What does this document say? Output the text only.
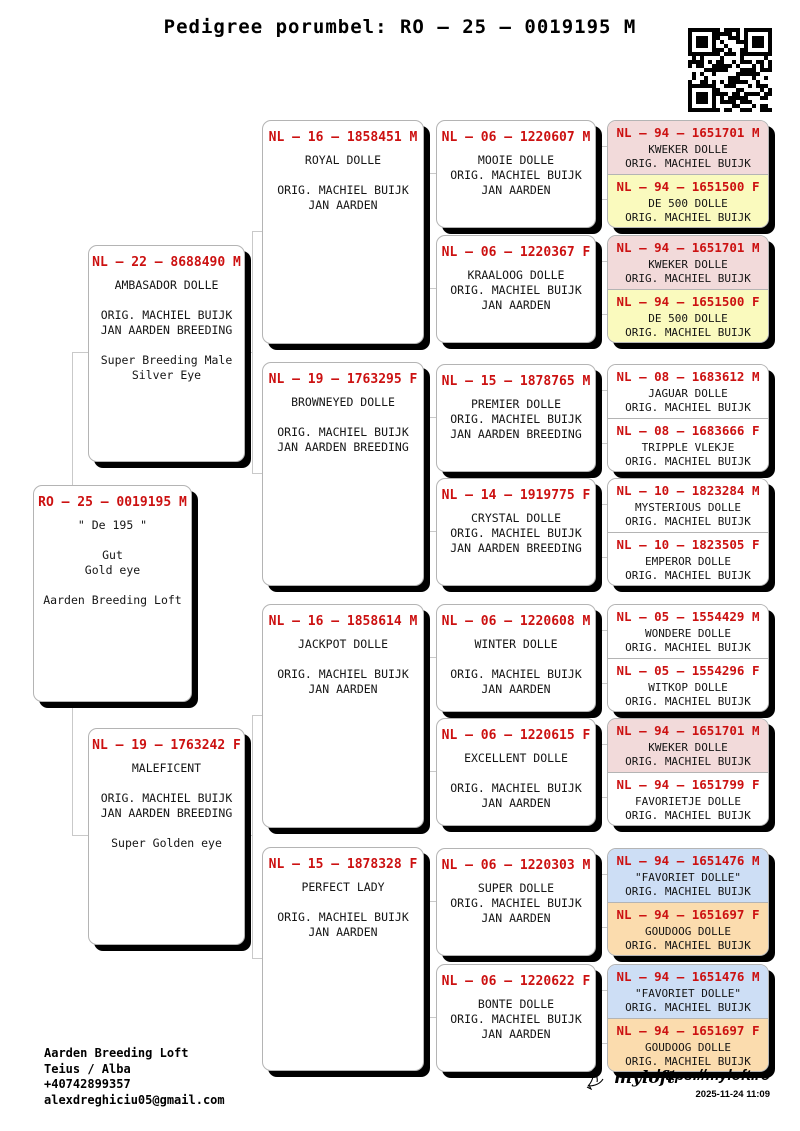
Pedigree porumbel: RO – 25 – 0019195 M
RO – 25 – 0019195 M
" De 195 "

Gut
Gold eye

Aarden Breeding Loft
NL – 22 – 8688490 M
AMBASADOR DOLLE

ORIG. MACHIEL BUIJK
JAN AARDEN BREEDING

Super Breeding Male
Silver Eye
NL – 19 – 1763242 F
MALEFICENT

ORIG. MACHIEL BUIJK
JAN AARDEN BREEDING

Super Golden eye
NL – 16 – 1858451 M
ROYAL DOLLE

ORIG. MACHIEL BUIJK
JAN AARDEN
NL – 19 – 1763295 F
BROWNEYED DOLLE

ORIG. MACHIEL BUIJK
JAN AARDEN BREEDING
NL – 16 – 1858614 M
JACKPOT DOLLE

ORIG. MACHIEL BUIJK
JAN AARDEN
NL – 15 – 1878328 F
PERFECT LADY

ORIG. MACHIEL BUIJK
JAN AARDEN
NL – 06 – 1220607 M
MOOIE DOLLE
ORIG. MACHIEL BUIJK
JAN AARDEN
NL – 06 – 1220367 F
KRAALOOG DOLLE
ORIG. MACHIEL BUIJK
JAN AARDEN
NL – 15 – 1878765 M
PREMIER DOLLE
ORIG. MACHIEL BUIJK
JAN AARDEN BREEDING
NL – 14 – 1919775 F
CRYSTAL DOLLE
ORIG. MACHIEL BUIJK
JAN AARDEN BREEDING
NL – 06 – 1220608 M
WINTER DOLLE

ORIG. MACHIEL BUIJK
JAN AARDEN
NL – 06 – 1220615 F
EXCELLENT DOLLE

ORIG. MACHIEL BUIJK
JAN AARDEN
NL – 06 – 1220303 M
SUPER DOLLE
ORIG. MACHIEL BUIJK
JAN AARDEN
NL – 06 – 1220622 F
BONTE DOLLE
ORIG. MACHIEL BUIJK
JAN AARDEN
NL – 94 – 1651701 M
KWEKER DOLLE
ORIG. MACHIEL BUIJK
NL – 94 – 1651500 F
DE 500 DOLLE
ORIG. MACHIEL BUIJK
NL – 94 – 1651701 M
KWEKER DOLLE
ORIG. MACHIEL BUIJK
NL – 94 – 1651500 F
DE 500 DOLLE
ORIG. MACHIEL BUIJK
NL – 08 – 1683612 M
JAGUAR DOLLE
ORIG. MACHIEL BUIJK
NL – 08 – 1683666 F
TRIPPLE VLEKJE
ORIG. MACHIEL BUIJK
NL – 10 – 1823284 M
MYSTERIOUS DOLLE
ORIG. MACHIEL BUIJK
NL – 10 – 1823505 F
EMPEROR DOLLE
ORIG. MACHIEL BUIJK
NL – 05 – 1554429 M
WONDERE DOLLE
ORIG. MACHIEL BUIJK
NL – 05 – 1554296 F
WITKOP DOLLE
ORIG. MACHIEL BUIJK
NL – 94 – 1651701 M
KWEKER DOLLE
ORIG. MACHIEL BUIJK
NL – 94 – 1651799 F
FAVORIETJE DOLLE
ORIG. MACHIEL BUIJK
NL – 94 – 1651476 M
"FAVORIET DOLLE"
ORIG. MACHIEL BUIJK
NL – 94 – 1651697 F
GOUDOOG DOLLE
ORIG. MACHIEL BUIJK
NL – 94 – 1651476 M
"FAVORIET DOLLE"
ORIG. MACHIEL BUIJK
NL – 94 – 1651697 F
GOUDOOG DOLLE
ORIG. MACHIEL BUIJK
Aarden Breeding Loft
Teius / Alba
+40742899357
alexdreghiciu05@gmail.com
myloft
https://myloft.ro
2025-11-24 11:09
